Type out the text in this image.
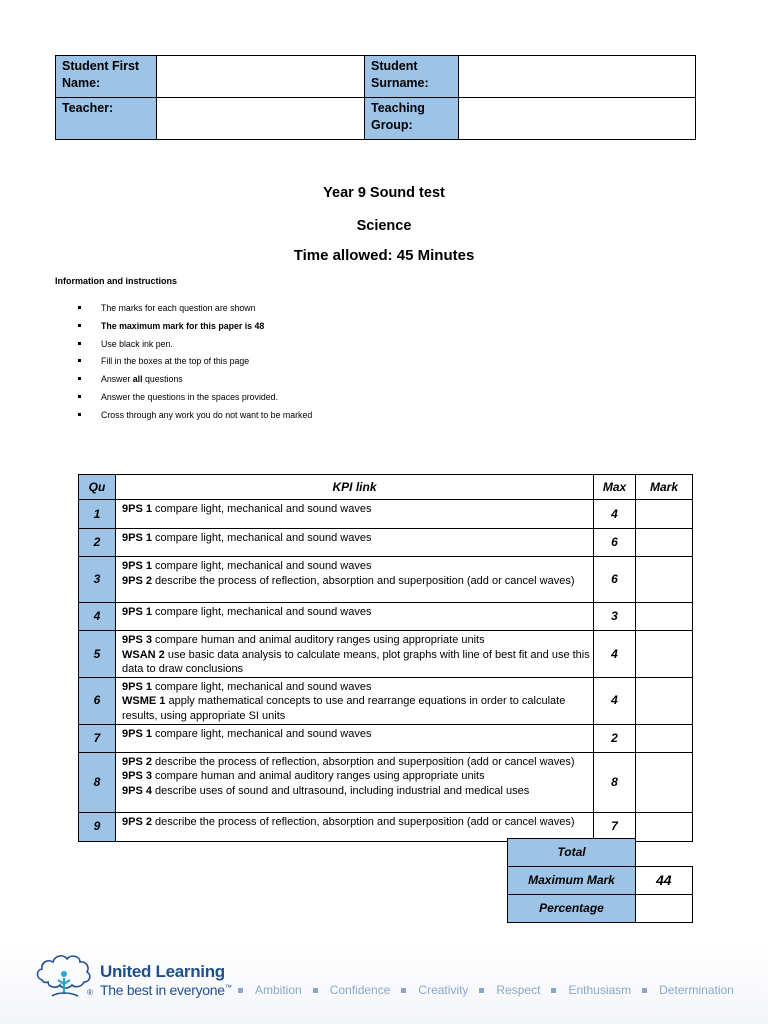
Student First Name:		Student Surname:	
Teacher:		Teaching Group:	
Year 9 Sound test
Science
Time allowed: 45 Minutes
Information and instructions
The marks for each question are shown
The maximum mark for this paper is 48
Use black ink pen.
Fill in the boxes at the top of this page
Answer all questions
Answer the questions in the spaces provided.
Cross through any work you do not want to be marked
Qu	KPI link	Max	Mark
1	9PS 1 compare light, mechanical and sound waves	4	
2	9PS 1 compare light, mechanical and sound waves	6	
3	9PS 1 compare light, mechanical and sound waves
9PS 2 describe the process of reflection, absorption and superposition (add or cancel waves)	6	
4	9PS 1 compare light, mechanical and sound waves	3	
5	9PS 3 compare human and animal auditory ranges using appropriate units
WSAN 2 use basic data analysis to calculate means, plot graphs with line of best fit and use this data to draw conclusions	4	
6	9PS 1 compare light, mechanical and sound waves
WSME 1 apply mathematical concepts to use and rearrange equations in order to calculate results, using appropriate SI units	4	
7	9PS 1 compare light, mechanical and sound waves	2	
8	9PS 2 describe the process of reflection, absorption and superposition (add or cancel waves)
9PS 3 compare human and animal auditory ranges using appropriate units
9PS 4 describe uses of sound and ultrasound, including industrial and medical uses	8	
9	9PS 2 describe the process of reflection, absorption and superposition (add or cancel waves)	7	
Total	
Maximum Mark	44
Percentage	
®
United Learning
The best in everyone™ Ambition Confidence Creativity Respect Enthusiasm Determination
